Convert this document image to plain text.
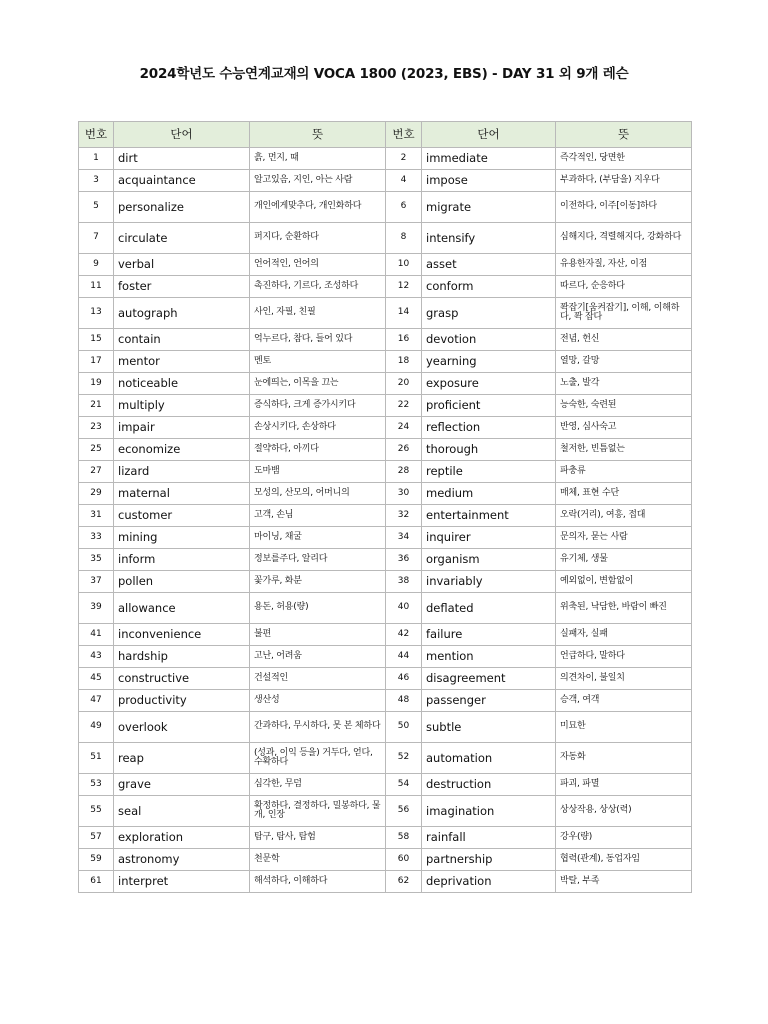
2024학년도 수능연계교재의 VOCA 1800 (2023, EBS) - DAY 31 외 9개 레슨
번호	단어	뜻	번호	단어	뜻
1	dirt	흙, 먼지, 때	2	immediate	즉각적인, 당면한
3	acquaintance	알고있음, 지인, 아는 사람	4	impose	부과하다, (부담을) 지우다
5	personalize	개인에게맞추다, 개인화하다	6	migrate	이전하다, 이주[이동]하다
7	circulate	퍼지다, 순환하다	8	intensify	심해지다, 격렬해지다, 강화하다
9	verbal	언어적인, 언어의	10	asset	유용한자질, 자산, 이점
11	foster	촉진하다, 기르다, 조성하다	12	conform	따르다, 순응하다
13	autograph	사인, 자필, 친필	14	grasp	꽉잡기[움켜잡기], 이해, 이해하다, 꽉 잡다
15	contain	억누르다, 참다, 들어 있다	16	devotion	전념, 헌신
17	mentor	멘토	18	yearning	열망, 갈망
19	noticeable	눈에띄는, 이목을 끄는	20	exposure	노출, 발각
21	multiply	증식하다, 크게 증가시키다	22	proficient	능숙한, 숙련된
23	impair	손상시키다, 손상하다	24	reflection	반영, 심사숙고
25	economize	절약하다, 아끼다	26	thorough	철저한, 빈틈없는
27	lizard	도마뱀	28	reptile	파충류
29	maternal	모성의, 산모의, 어머니의	30	medium	매체, 표현 수단
31	customer	고객, 손님	32	entertainment	오락(거리), 여흥, 접대
33	mining	마이닝, 채굴	34	inquirer	문의자, 묻는 사람
35	inform	정보를주다, 알리다	36	organism	유기체, 생물
37	pollen	꽃가루, 화분	38	invariably	예외없이, 변함없이
39	allowance	용돈, 허용(량)	40	deflated	위축된, 낙담한, 바람이 빠진
41	inconvenience	불편	42	failure	실패자, 실패
43	hardship	고난, 어려움	44	mention	언급하다, 말하다
45	constructive	건설적인	46	disagreement	의견차이, 불일치
47	productivity	생산성	48	passenger	승객, 여객
49	overlook	간과하다, 무시하다, 못 본 체하다	50	subtle	미묘한
51	reap	(성과, 이익 등을) 거두다, 얻다, 수확하다	52	automation	자동화
53	grave	심각한, 무덤	54	destruction	파괴, 파멸
55	seal	확정하다, 결정하다, 밀봉하다, 물개, 인장	56	imagination	상상작용, 상상(력)
57	exploration	탐구, 탐사, 탐험	58	rainfall	강우(량)
59	astronomy	천문학	60	partnership	협력(관계), 동업자임
61	interpret	해석하다, 이해하다	62	deprivation	박탈, 부족
